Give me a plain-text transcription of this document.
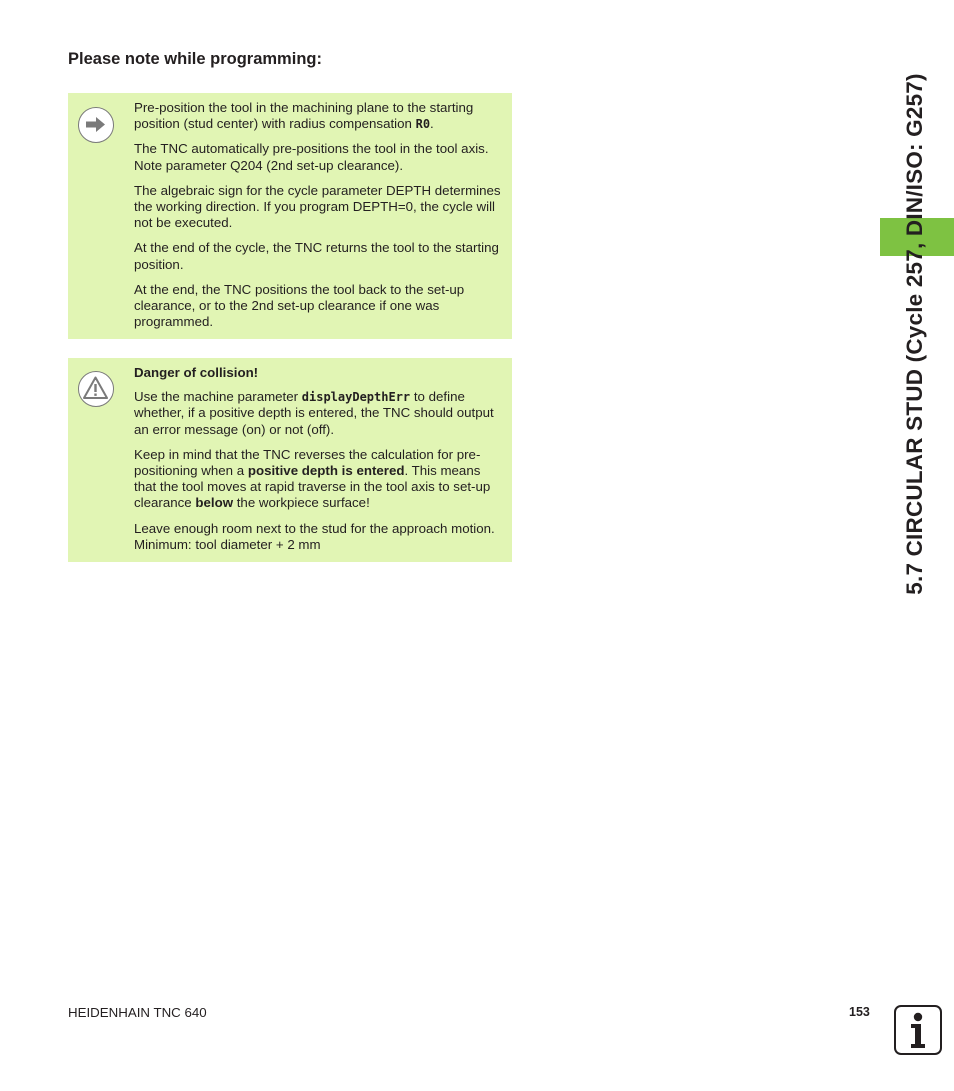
Please note while programming:

Pre-position the tool in the machining plane to the starting position (stud center) with radius compensation R0.

The TNC automatically pre-positions the tool in the tool axis. Note parameter Q204 (2nd set-up clearance).

The algebraic sign for the cycle parameter DEPTH determines the working direction. If you program DEPTH=0, the cycle will not be executed.

At the end of the cycle, the TNC returns the tool to the starting position.

At the end, the TNC positions the tool back to the set-up clearance, or to the 2nd set-up clearance if one was programmed.

Danger of collision!

Use the machine parameter displayDepthErr to define whether, if a positive depth is entered, the TNC should output an error message (on) or not (off).

Keep in mind that the TNC reverses the calculation for pre-positioning when a positive depth is entered. This means that the tool moves at rapid traverse in the tool axis to set-up clearance below the workpiece surface!

Leave enough room next to the stud for the approach motion. Minimum: tool diameter + 2 mm	5.7 CIRCULAR STUD (Cycle 257, DIN/ISO: G257)
HEIDENHAIN TNC 640	153
